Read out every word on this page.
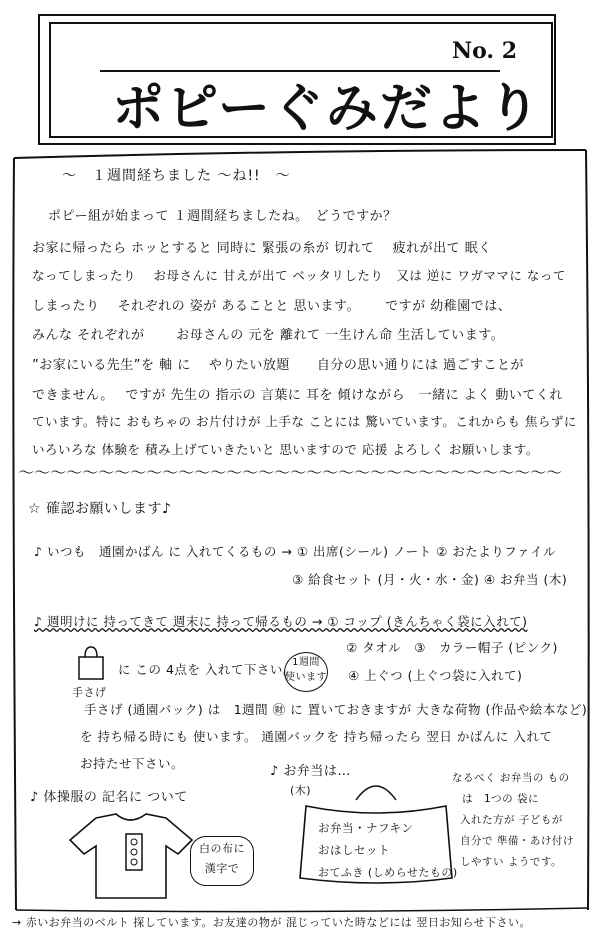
No. 2
ポピーぐみだより
～　１週間経ちました ～ね!!　～
ポピー組が始まって １週間経ちましたね。　どうですか？
お家に帰ったら ホッとすると 同時に 緊張の糸が 切れて　 疲れが出て 眠く
なってしまったり　 お母さんに 甘えが出て ベッタリしたり　又は 逆に ワガママに なって
しまったり　 それぞれの 姿が あることと 思います。　　 ですが 幼稚園では、
みんな それぞれが　　 お母さんの 元を 離れて 一生けん命 生活しています。
”お家にいる先生”を 軸 に　 やりたい放題　　自分の思い通りには 過ごすことが
できません。　 ですが 先生の 指示の 言葉に 耳を 傾けながら　一緒に よく 動いてくれ
ています。特に おもちゃの お片付けが 上手な ことには 驚いています。これからも 焦らずに
いろいろな 体験を 積み上げていきたいと 思いますので 応援 よろしく お願いします。
～～～～～～～～～～～～～～～～～～～～～～～～～～～～～～～～～～
☆ 確認お願いします♪
♪ いつも　通園かばん に 入れてくるもの → ① 出席(シール) ノート ② おたよりファイル
③ 給食セット (月・火・水・金) ④ お弁当 (木)
♪ 週明けに 持ってきて 週末に 持って帰るもの → ① コップ (きんちゃく袋に入れて)
② タオル　③　カラー帽子 (ピンク)
④ 上ぐつ (上ぐつ袋に入れて)
手さげ
に この 4点を 入れて下さい。
1週間 使います
手さげ (通園バック) は　1週間 ㊖ に 置いておきますが 大きな荷物 (作品や絵本など)
を 持ち帰る時にも 使います。 通園バックを 持ち帰ったら 翌日 かばんに 入れて
お持たせ下さい。
♪ 体操服の 記名に ついて
白の布に
漢字で
♪ お弁当は…
(木)
お弁当・ナフキン
おはしセット
おてふき (しめらせたもの)
なるべく お弁当の もの
は　1つの 袋に
入れた方が 子どもが
自分で 準備・あけ付け
しやすい ようです。
→ 赤いお弁当のベルト 探しています。お友達の物が 混じっていた時などには 翌日お知らせ下さい。
